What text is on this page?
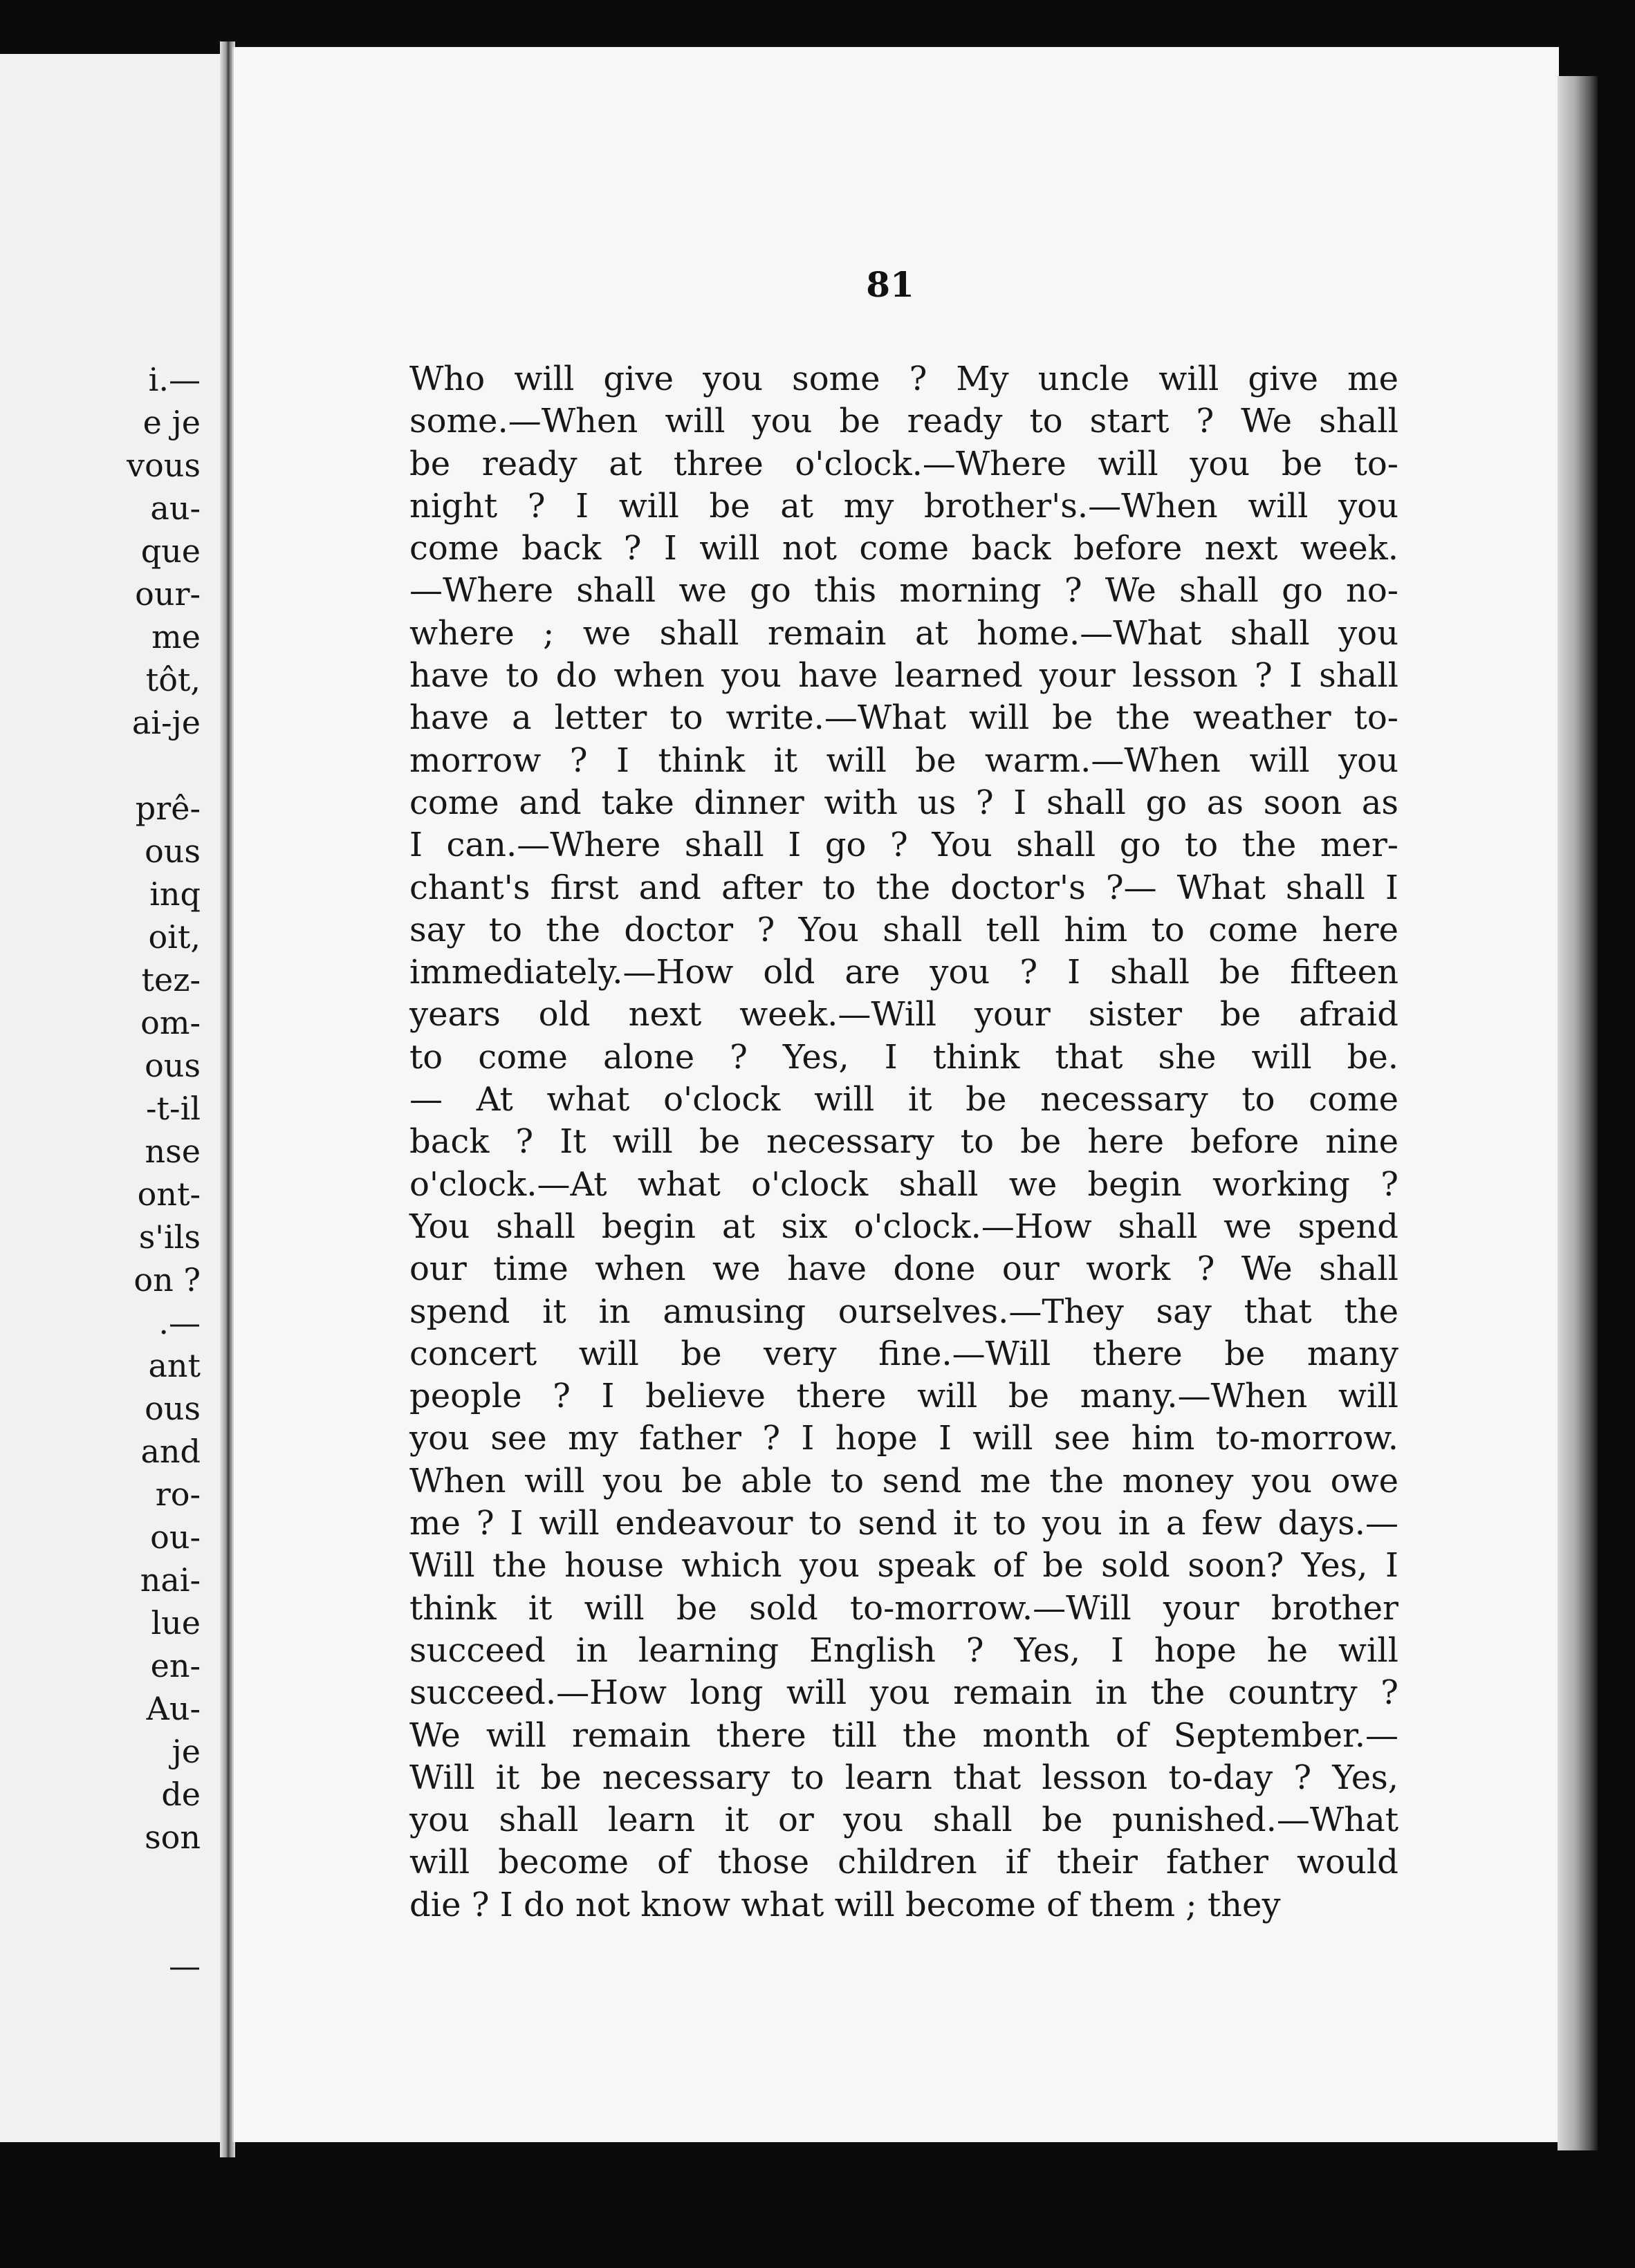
i.—
e je
vous
au-
que
our-
me
tôt,
ai-je
prê-
ous
inq
oit,
tez-
om-
ous
-t-il
nse
ont-
s'ils
on ?
.—
ant
ous
and
ro-
ou-
nai-
lue
en-
Au-
je
de
son
—
81
Who will give you some ? My uncle will give me
some.—When will you be ready to start ? We shall
be ready at three o'clock.—Where will you be to-
night ? I will be at my brother's.—When will you
come back ? I will not come back before next week.
—Where shall we go this morning ? We shall go no-
where ; we shall remain at home.—What shall you
have to do when you have learned your lesson ? I shall
have a letter to write.—What will be the weather to-
morrow ? I think it will be warm.—When will you
come and take dinner with us ? I shall go as soon as
I can.—Where shall I go ? You shall go to the mer-
chant's first and after to the doctor's ?— What shall I
say to the doctor ? You shall tell him to come here
immediately.—How old are you ? I shall be fifteen
years old next week.—Will your sister be afraid
to come alone ? Yes, I think that she will be.
— At what o'clock will it be necessary to come
back ? It will be necessary to be here before nine
o'clock.—At what o'clock shall we begin working ?
You shall begin at six o'clock.—How shall we spend
our time when we have done our work ? We shall
spend it in amusing ourselves.—They say that the
concert will be very fine.—Will there be many
people ? I believe there will be many.—When will
you see my father ? I hope I will see him to-morrow.
When will you be able to send me the money you owe
me ? I will endeavour to send it to you in a few days.—
Will the house which you speak of be sold soon? Yes, I
think it will be sold to-morrow.—Will your brother
succeed in learning English ? Yes, I hope he will
succeed.—How long will you remain in the country ?
We will remain there till the month of September.—
Will it be necessary to learn that lesson to-day ? Yes,
you shall learn it or you shall be punished.—What
will become of those children if their father would
die ? I do not know what will become of them ; they
